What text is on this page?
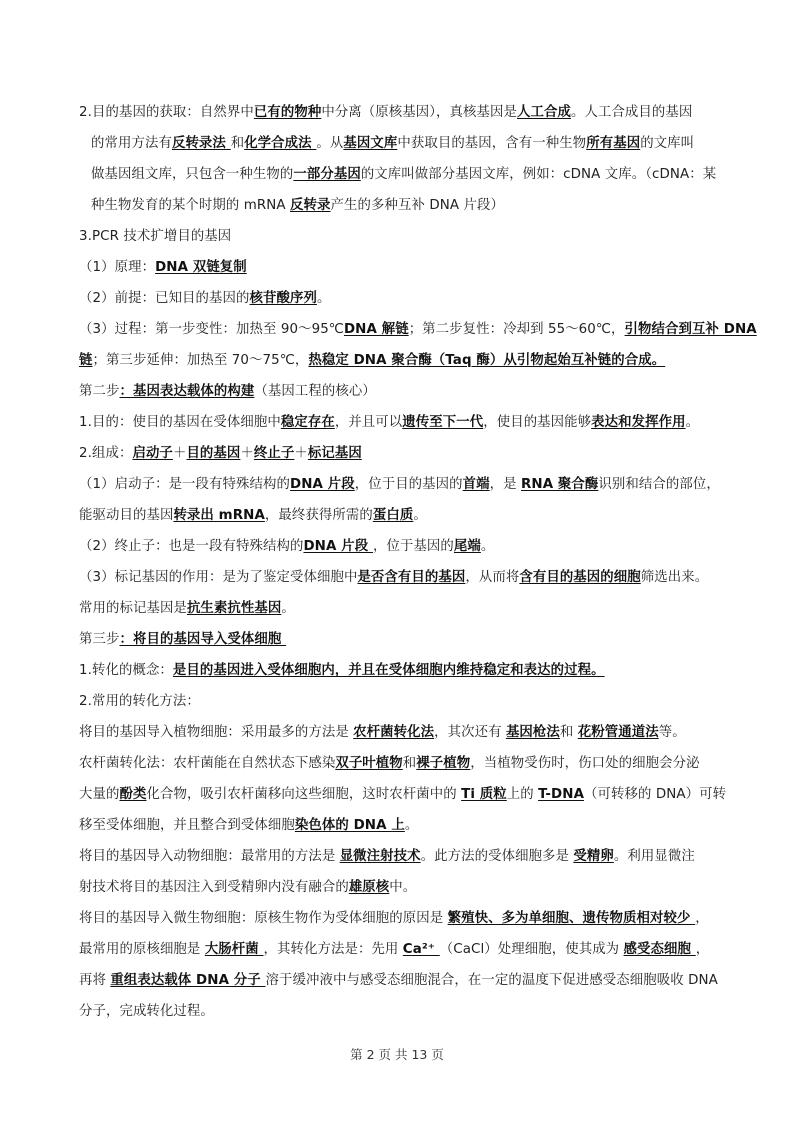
2.目的基因的获取：自然界中已有的物种中分离（原核基因），真核基因是人工合成。人工合成目的基因
的常用方法有反转录法 和化学合成法 。从基因文库中获取目的基因，含有一种生物所有基因的文库叫
做基因组文库，只包含一种生物的一部分基因的文库叫做部分基因文库，例如：cDNA 文库。（cDNA：某
种生物发育的某个时期的 mRNA 反转录产生的多种互补 DNA 片段）
3.PCR 技术扩增目的基因
（1）原理：DNA 双链复制
（2）前提：已知目的基因的核苷酸序列。
（3）过程：第一步变性：加热至 90～95℃DNA 解链；第二步复性：冷却到 55～60℃，引物结合到互补 DNA
链；第三步延伸：加热至 70～75℃，热稳定 DNA 聚合酶（Taq 酶）从引物起始互补链的合成。
第二步：基因表达载体的构建（基因工程的核心）
1.目的：使目的基因在受体细胞中稳定存在，并且可以遗传至下一代，使目的基因能够表达和发挥作用。
2.组成：启动子＋目的基因＋终止子＋标记基因
（1）启动子：是一段有特殊结构的DNA 片段，位于目的基因的首端，是 RNA 聚合酶识别和结合的部位，
能驱动目的基因转录出 mRNA，最终获得所需的蛋白质。
（2）终止子：也是一段有特殊结构的DNA 片段 ，位于基因的尾端。
（3）标记基因的作用：是为了鉴定受体细胞中是否含有目的基因，从而将含有目的基因的细胞筛选出来。
常用的标记基因是抗生素抗性基因。
第三步：将目的基因导入受体细胞
1.转化的概念：是目的基因进入受体细胞内，并且在受体细胞内维持稳定和表达的过程。
2.常用的转化方法：
将目的基因导入植物细胞：采用最多的方法是 农杆菌转化法，其次还有 基因枪法和 花粉管通道法等。
农杆菌转化法：农杆菌能在自然状态下感染双子叶植物和裸子植物，当植物受伤时，伤口处的细胞会分泌
大量的酚类化合物，吸引农杆菌移向这些细胞，这时农杆菌中的 Ti 质粒上的 T-DNA（可转移的 DNA）可转
移至受体细胞，并且整合到受体细胞染色体的 DNA 上。
将目的基因导入动物细胞：最常用的方法是 显微注射技术。此方法的受体细胞多是 受精卵。利用显微注
射技术将目的基因注入到受精卵内没有融合的雄原核中。
将目的基因导入微生物细胞：原核生物作为受体细胞的原因是 繁殖快、多为单细胞、遗传物质相对较少 ，
最常用的原核细胞是 大肠杆菌 ，其转化方法是：先用 Ca²⁺ （CaCl）处理细胞，使其成为 感受态细胞 ，
再将 重组表达载体 DNA 分子 溶于缓冲液中与感受态细胞混合，在一定的温度下促进感受态细胞吸收 DNA
分子，完成转化过程。
第 2 页 共 13 页
